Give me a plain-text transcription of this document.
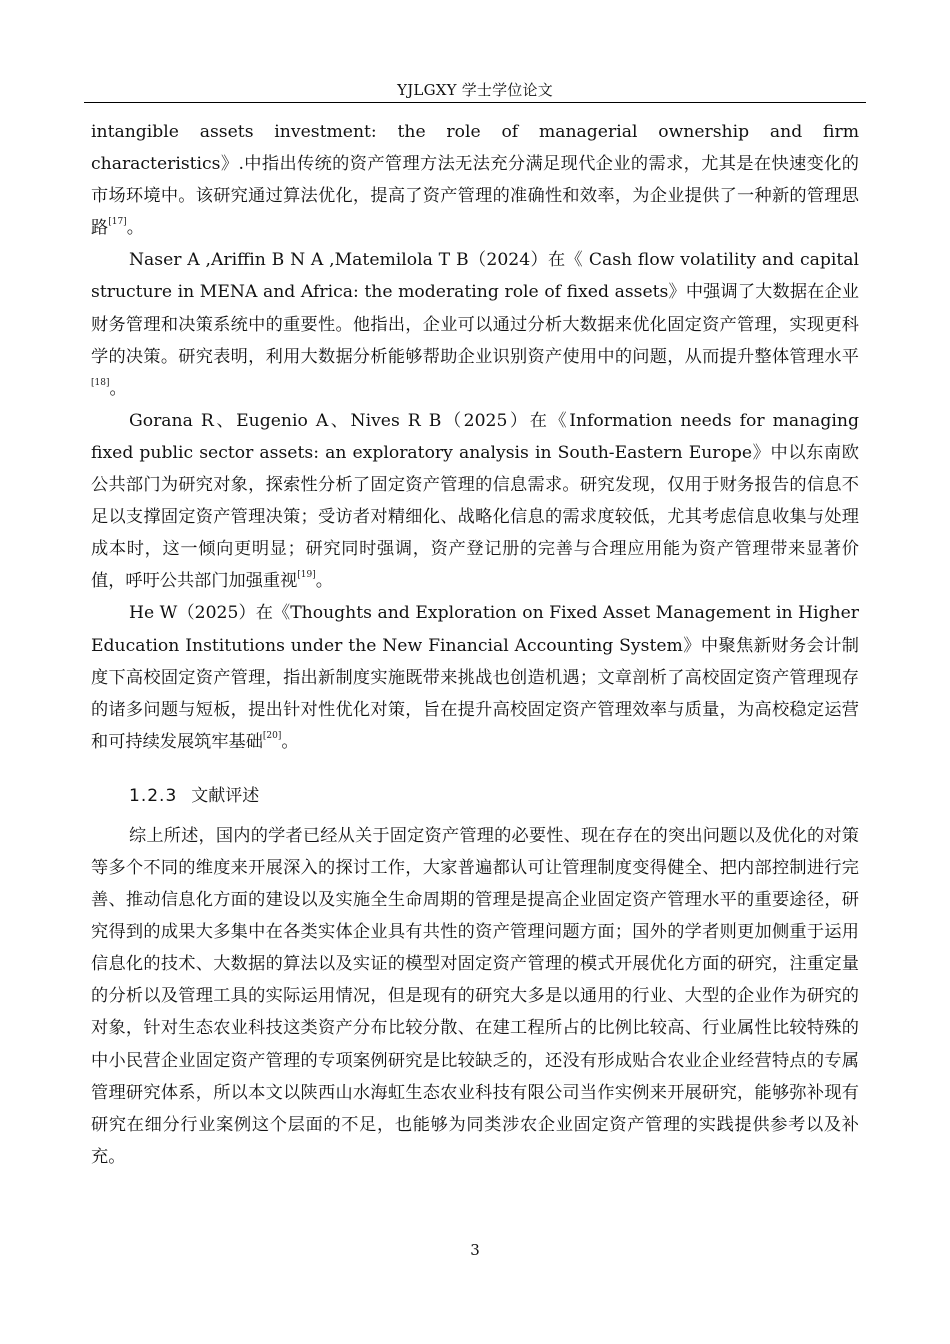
YJLGXY 学士学位论文

intangible assets investment: the role of managerial ownership and firm characteristics》.中指出传统的资产管理方法无法充分满足现代企业的需求，尤其是在快速变化的市场环境中。该研究通过算法优化，提高了资产管理的准确性和效率，为企业提供了一种新的管理思路[17]。

Naser A ,Ariffin B N A ,Matemilola T B（2024）在《 Cash flow volatility and capital structure in MENA and Africa: the moderating role of fixed assets》中强调了大数据在企业财务管理和决策系统中的重要性。他指出，企业可以通过分析大数据来优化固定资产管理，实现更科学的决策。研究表明，利用大数据分析能够帮助企业识别资产使用中的问题，从而提升整体管理水平[18]。

Gorana R、Eugenio A、Nives R B（2025）在《Information needs for managing fixed public sector assets: an exploratory analysis in South-Eastern Europe》中以东南欧公共部门为研究对象，探索性分析了固定资产管理的信息需求。研究发现，仅用于财务报告的信息不足以支撑固定资产管理决策；受访者对精细化、战略化信息的需求度较低，尤其考虑信息收集与处理成本时，这一倾向更明显；研究同时强调，资产登记册的完善与合理应用能为资产管理带来显著价值，呼吁公共部门加强重视[19]。

He W（2025）在《Thoughts and Exploration on Fixed Asset Management in Higher Education Institutions under the New Financial Accounting System》中聚焦新财务会计制度下高校固定资产管理，指出新制度实施既带来挑战也创造机遇；文章剖析了高校固定资产管理现存的诸多问题与短板，提出针对性优化对策，旨在提升高校固定资产管理效率与质量，为高校稳定运营和可持续发展筑牢基础[20]。

1.2.3 文献评述

综上所述，国内的学者已经从关于固定资产管理的必要性、现在存在的突出问题以及优化的对策等多个不同的维度来开展深入的探讨工作，大家普遍都认可让管理制度变得健全、把内部控制进行完善、推动信息化方面的建设以及实施全生命周期的管理是提高企业固定资产管理水平的重要途径，研究得到的成果大多集中在各类实体企业具有共性的资产管理问题方面；国外的学者则更加侧重于运用信息化的技术、大数据的算法以及实证的模型对固定资产管理的模式开展优化方面的研究，注重定量的分析以及管理工具的实际运用情况，但是现有的研究大多是以通用的行业、大型的企业作为研究的对象，针对生态农业科技这类资产分布比较分散、在建工程所占的比例比较高、行业属性比较特殊的中小民营企业固定资产管理的专项案例研究是比较缺乏的，还没有形成贴合农业企业经营特点的专属管理研究体系，所以本文以陕西山水海虹生态农业科技有限公司当作实例来开展研究，能够弥补现有研究在细分行业案例这个层面的不足，也能够为同类涉农企业固定资产管理的实践提供参考以及补充。

3
